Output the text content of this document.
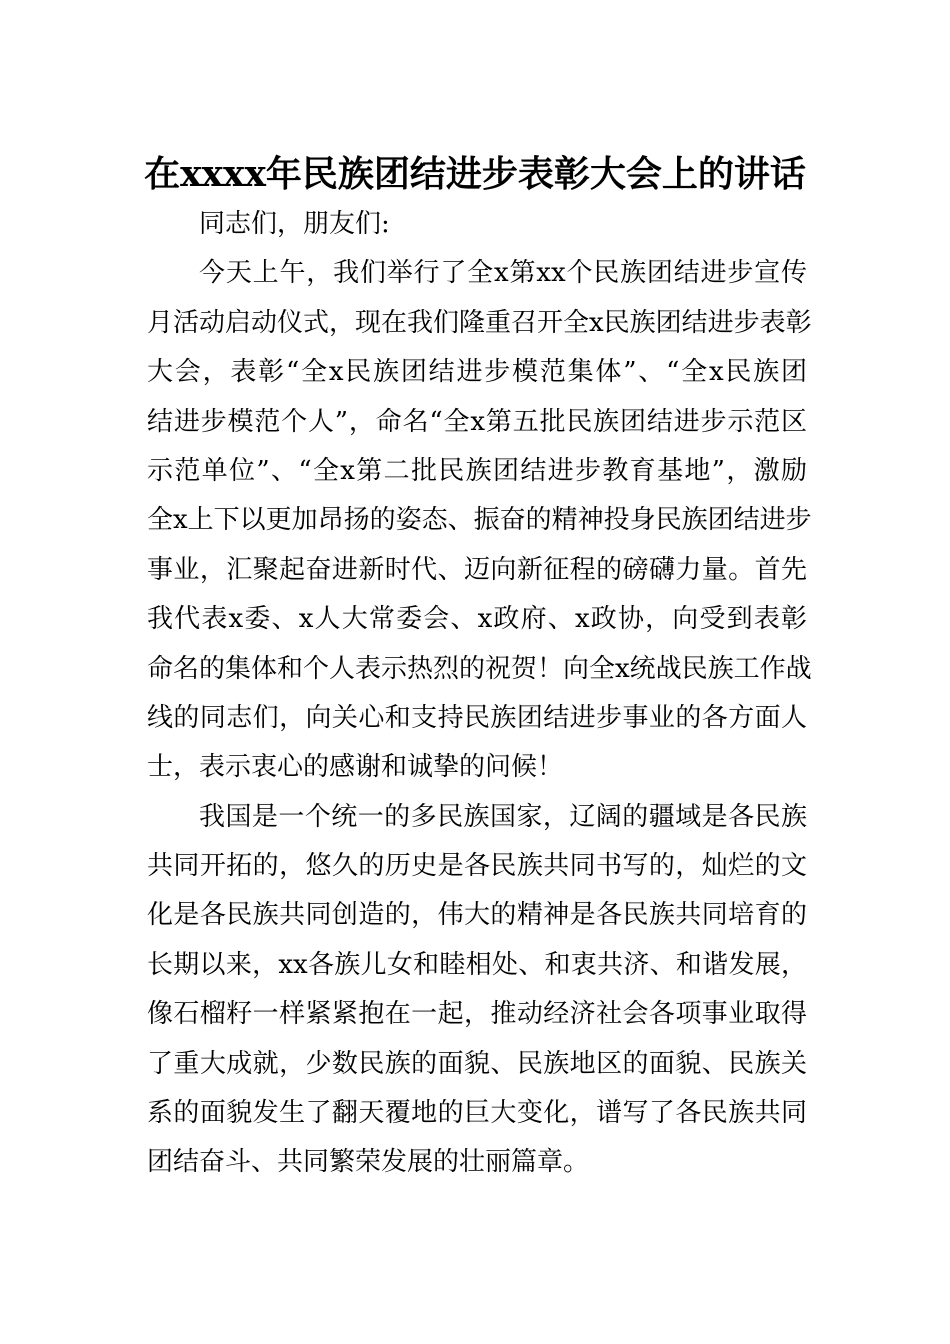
在xxxx年民族团结进步表彰大会上的讲话
同志们，朋友们:
今天上午，我们举行了全x第xx个民族团结进步宣传
月活动启动仪式，现在我们隆重召开全x民族团结进步表彰
大会，表彰“全x民族团结进步模范集体”、“全x民族团
结进步模范个人”，命名“全x第五批民族团结进步示范区
示范单位”、“全x第二批民族团结进步教育基地”，激励
全x上下以更加昂扬的姿态、振奋的精神投身民族团结进步
事业，汇聚起奋进新时代、迈向新征程的磅礴力量。首先
我代表x委、x人大常委会、x政府、x政协，向受到表彰
命名的集体和个人表示热烈的祝贺！向全x统战民族工作战
线的同志们，向关心和支持民族团结进步事业的各方面人
士，表示衷心的感谢和诚挚的问候！
我国是一个统一的多民族国家，辽阔的疆域是各民族
共同开拓的，悠久的历史是各民族共同书写的，灿烂的文
化是各民族共同创造的，伟大的精神是各民族共同培育的
长期以来，xx各族儿女和睦相处、和衷共济、和谐发展，
像石榴籽一样紧紧抱在一起，推动经济社会各项事业取得
了重大成就，少数民族的面貌、民族地区的面貌、民族关
系的面貌发生了翻天覆地的巨大变化，谱写了各民族共同
团结奋斗、共同繁荣发展的壮丽篇章。
